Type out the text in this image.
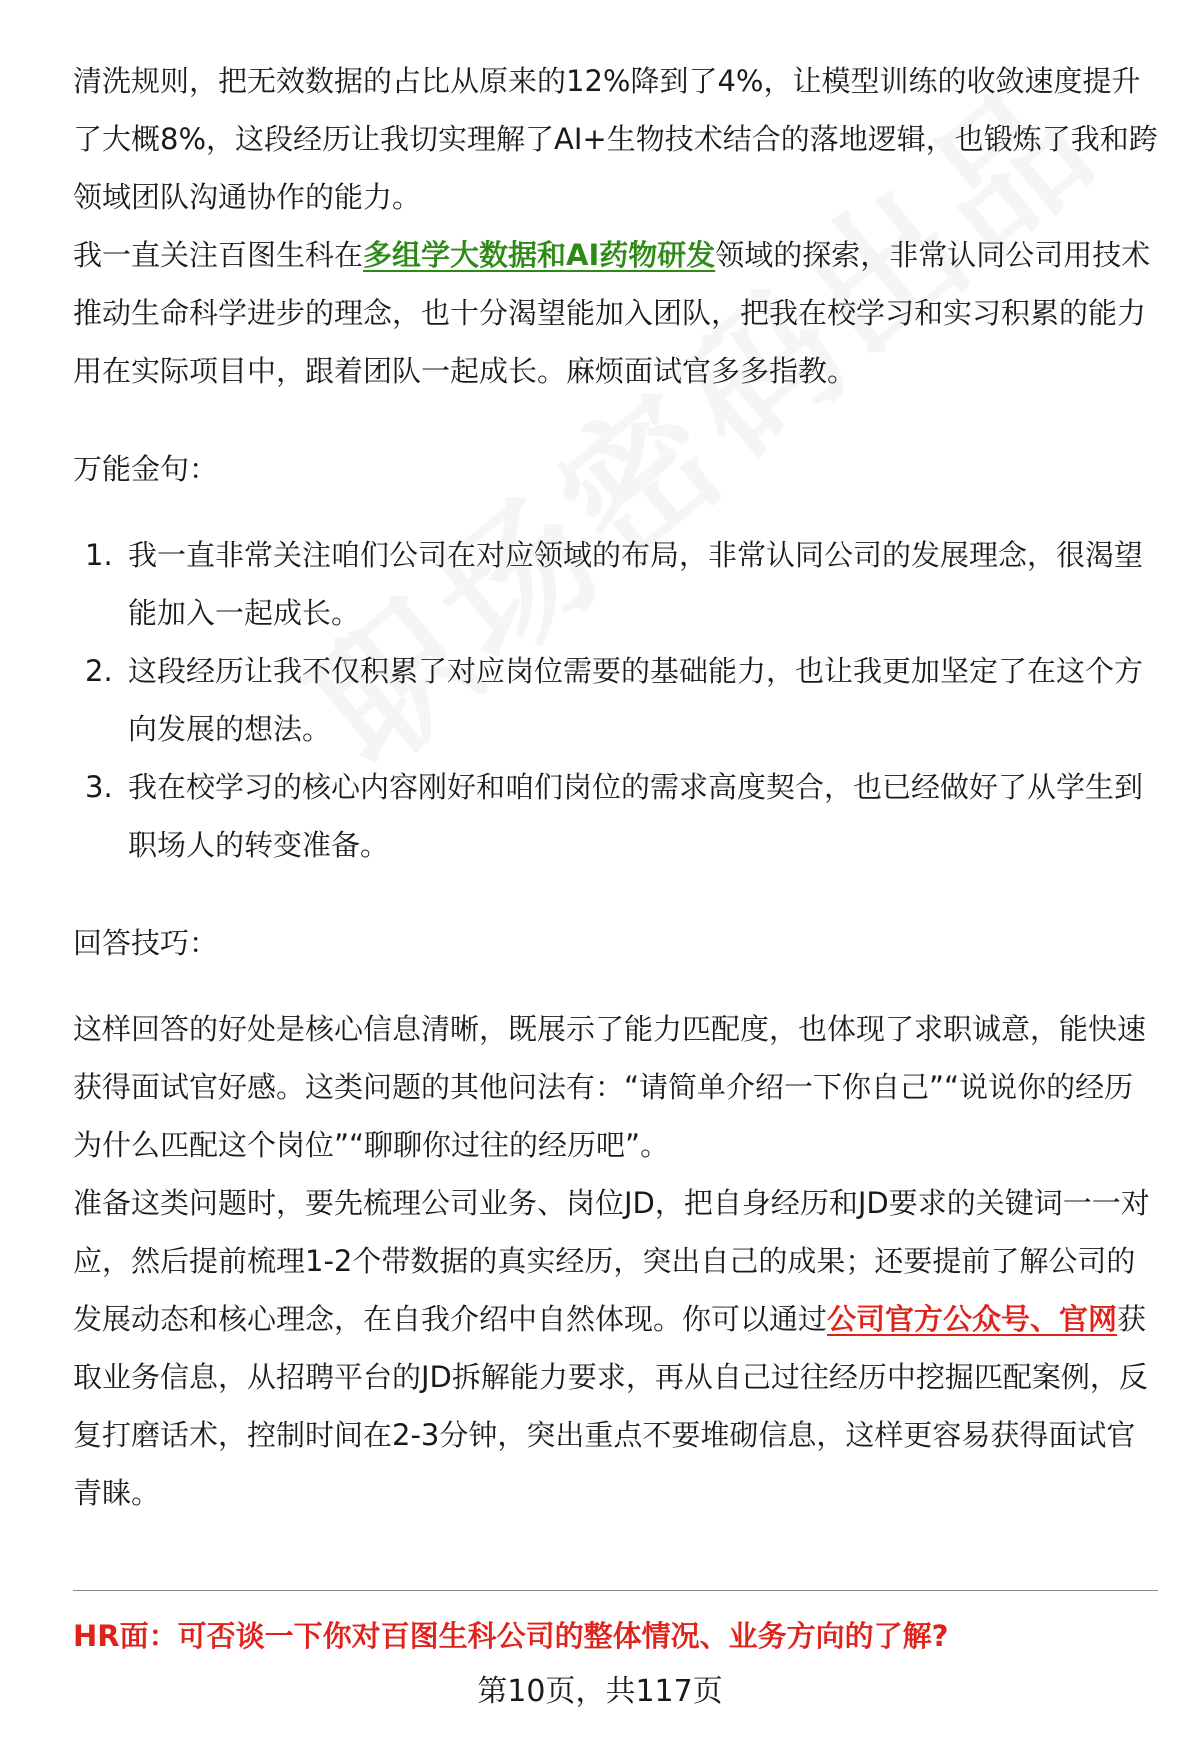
清洗规则，把无效数据的占比从原来的12%降到了4%，让模型训练的收敛速度提升了大概8%，这段经历让我切实理解了AI+生物技术结合的落地逻辑，也锻炼了我和跨领域团队沟通协作的能力。

我一直关注百图生科在多组学大数据和AI药物研发领域的探索，非常认同公司用技术推动生命科学进步的理念，也十分渴望能加入团队，把我在校学习和实习积累的能力用在实际项目中，跟着团队一起成长。麻烦面试官多多指教。

万能金句：

1. 我一直非常关注咱们公司在对应领域的布局，非常认同公司的发展理念，很渴望能加入一起成长。
2. 这段经历让我不仅积累了对应岗位需要的基础能力，也让我更加坚定了在这个方向发展的想法。
3. 我在校学习的核心内容刚好和咱们岗位的需求高度契合，也已经做好了从学生到职场人的转变准备。

回答技巧：

这样回答的好处是核心信息清晰，既展示了能力匹配度，也体现了求职诚意，能快速获得面试官好感。这类问题的其他问法有：“请简单介绍一下你自己”“说说你的经历为什么匹配这个岗位”“聊聊你过往的经历吧”。

准备这类问题时，要先梳理公司业务、岗位JD，把自身经历和JD要求的关键词一一对应，然后提前梳理1-2个带数据的真实经历，突出自己的成果；还要提前了解公司的发展动态和核心理念，在自我介绍中自然体现。你可以通过公司官方公众号、官网获取业务信息，从招聘平台的JD拆解能力要求，再从自己过往经历中挖掘匹配案例，反复打磨话术，控制时间在2-3分钟，突出重点不要堆砌信息，这样更容易获得面试官青睐。

HR面：可否谈一下你对百图生科公司的整体情况、业务方向的了解?
第10页，共117页
